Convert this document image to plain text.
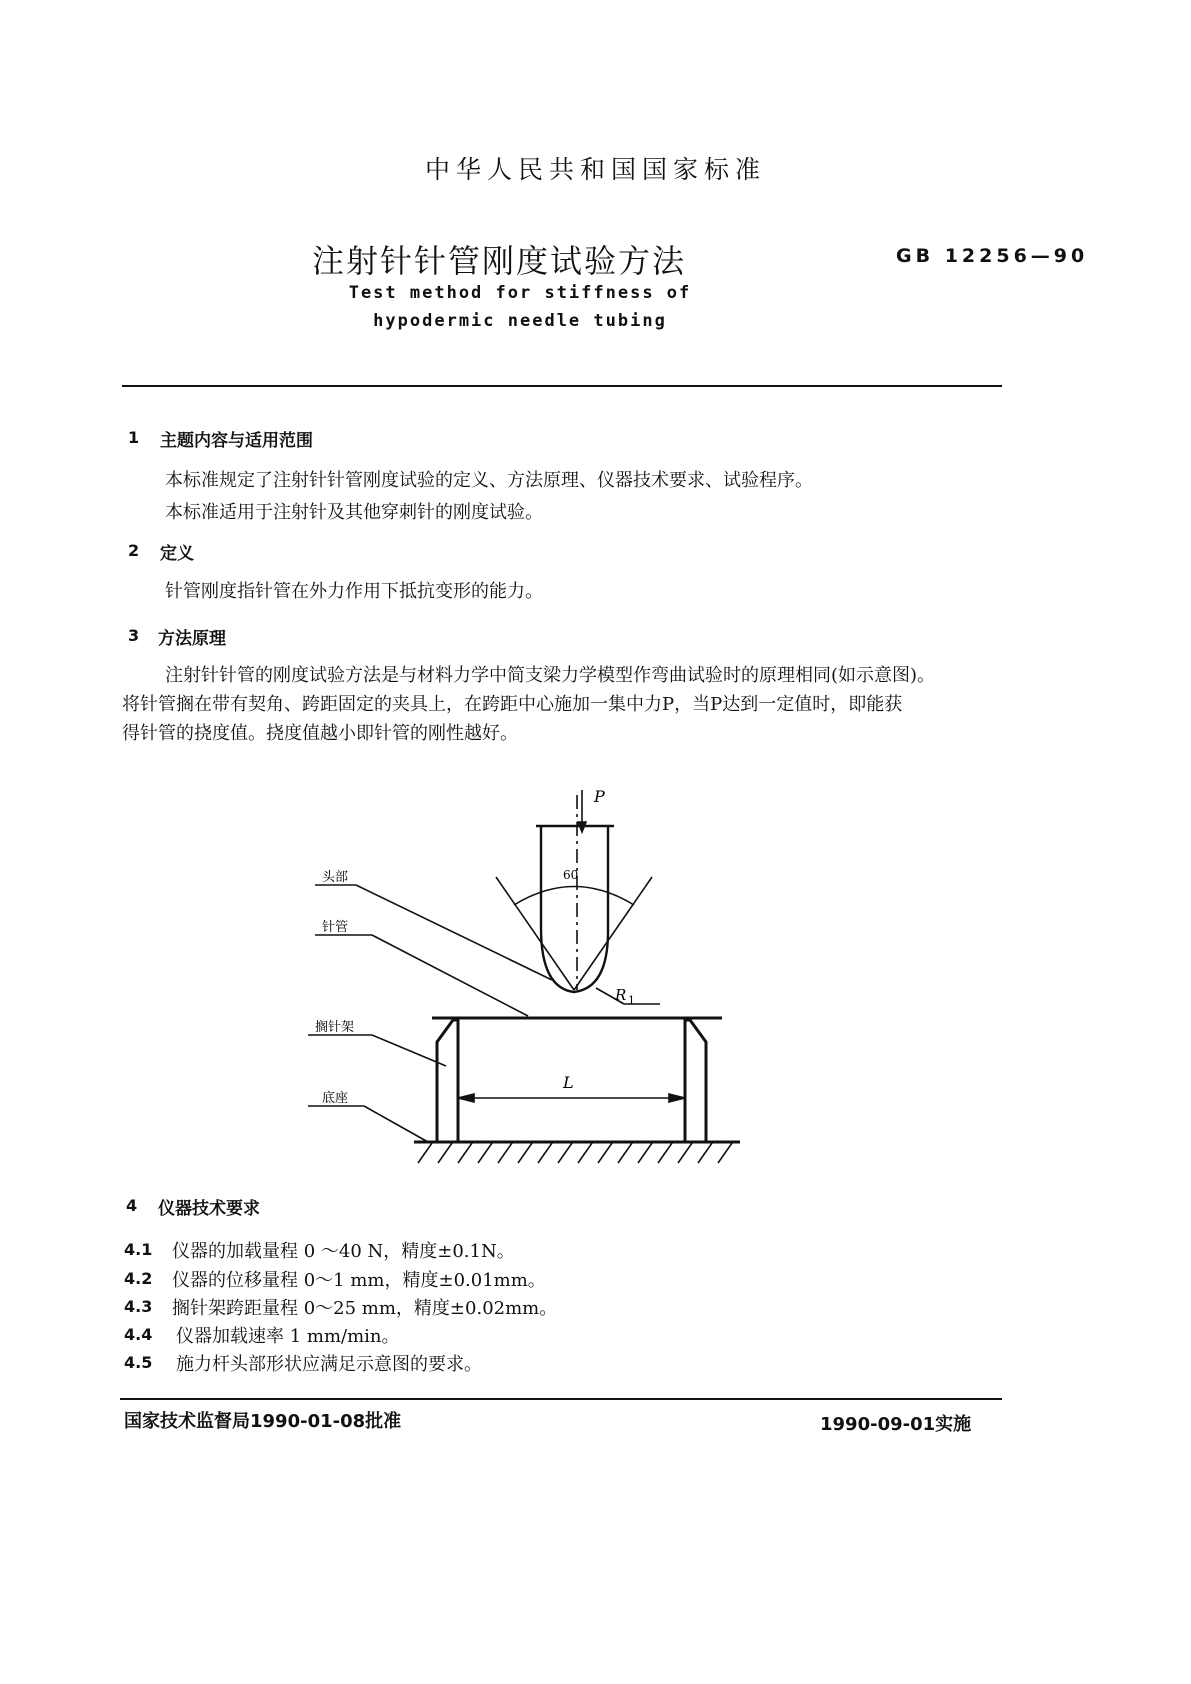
中华人民共和国国家标准
注射针针管刚度试验方法	GB 12256—90
Test method for stiffness of
hypodermic needle tubing
1 主题内容与适用范围
本标准规定了注射针针管刚度试验的定义、方法原理、仪器技术要求、试验程序。
本标准适用于注射针及其他穿刺针的刚度试验。
2 定义
针管刚度指针管在外力作用下抵抗变形的能力。
3 方法原理
注射针针管的刚度试验方法是与材料力学中简支梁力学模型作弯曲试验时的原理相同(如示意图)。
将针管搁在带有契角、跨距固定的夹具上，在跨距中心施加一集中力P，当P达到一定值时，即能获
得针管的挠度值。挠度值越小即针管的刚性越好。
P
60
R 1
L
头部
针管
搁针架
底座
4 仪器技术要求
4.1 仪器的加载量程 0 ～40 N，精度±0.1N。
4.2 仪器的位移量程 0～1 mm，精度±0.01mm。
4.3 搁针架跨距量程 0～25 mm，精度±0.02mm。
4.4 仪器加载速率 1 mm/min。
4.5 施力杆头部形状应满足示意图的要求。
国家技术监督局1990-01-08批准	1990-09-01实施
